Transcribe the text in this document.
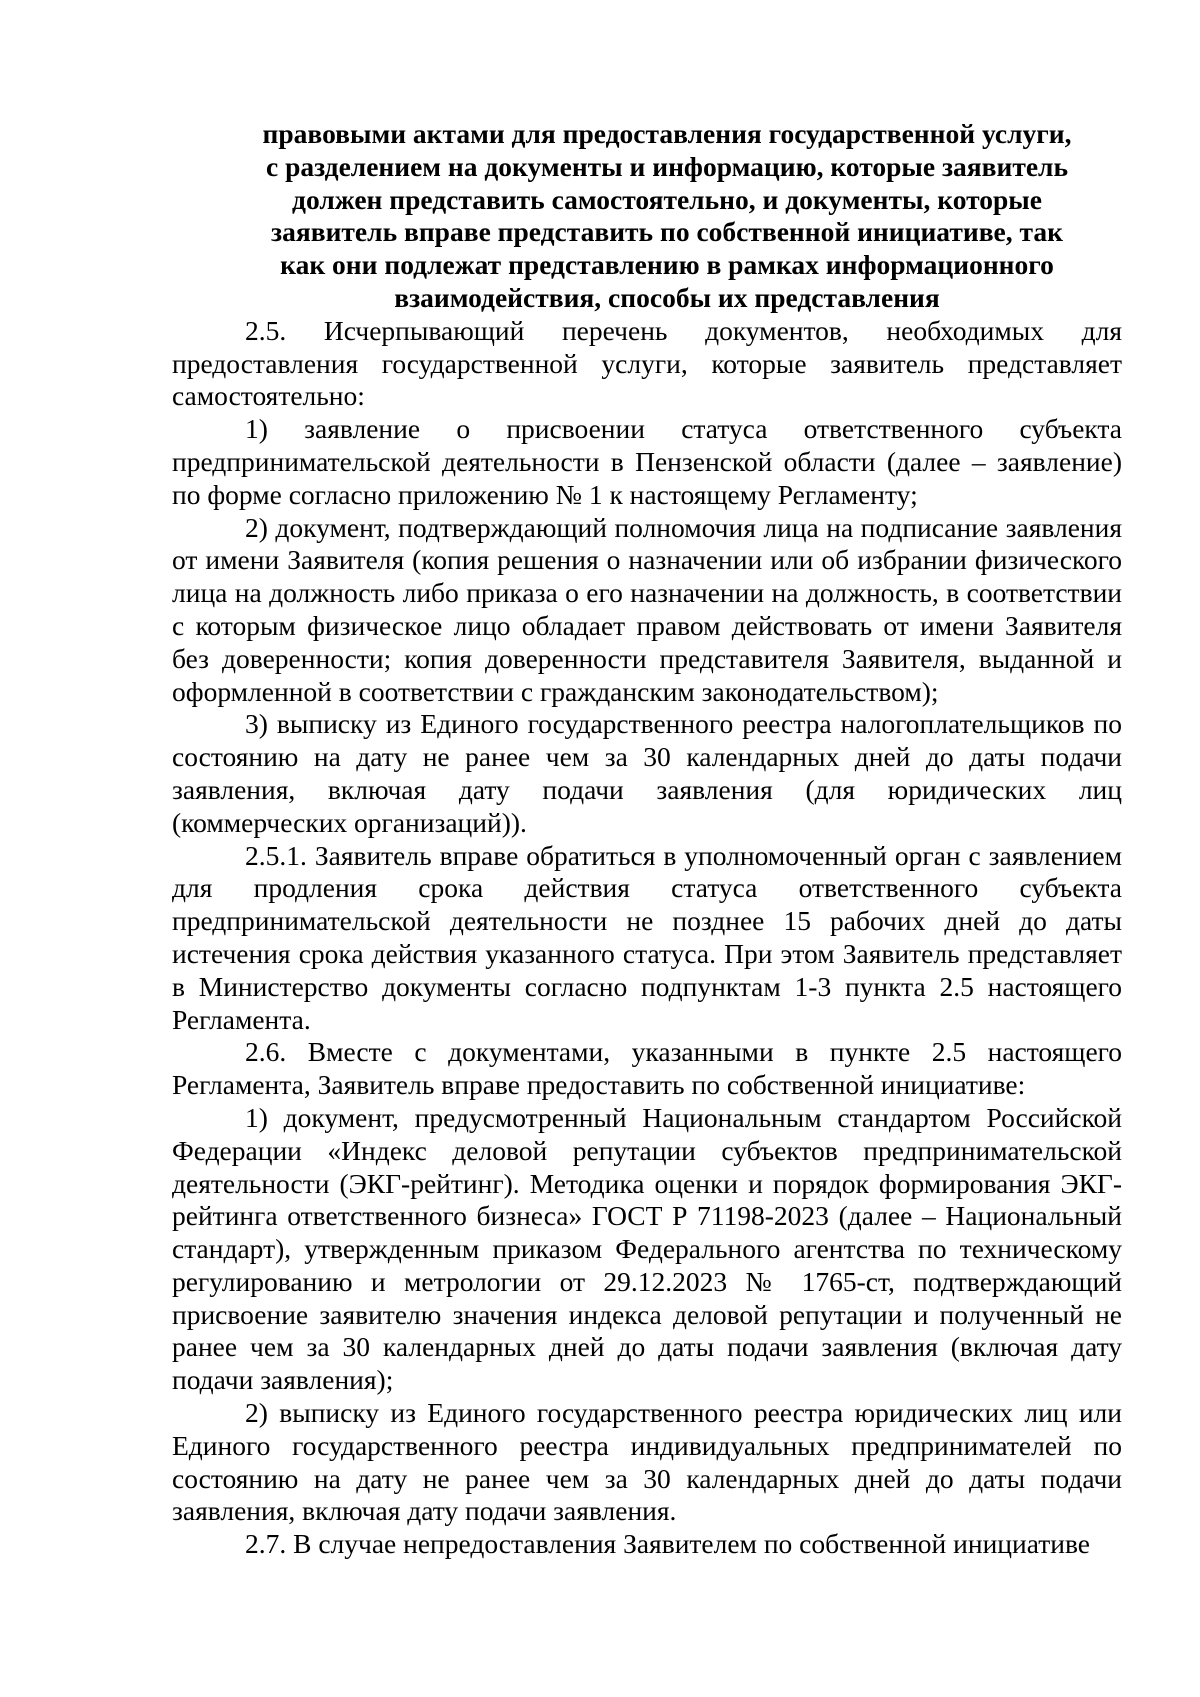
правовыми актами для предоставления государственной услуги,
с разделением на документы и информацию, которые заявитель
должен представить самостоятельно, и документы, которые
заявитель вправе представить по собственной инициативе, так
как они подлежат представлению в рамках информационного
взаимодействия, способы их представления

2.5. Исчерпывающий перечень документов, необходимых для предоставления государственной услуги, которые заявитель представляет самостоятельно:

1) заявление о присвоении статуса ответственного субъекта предпринимательской деятельности в Пензенской области (далее – заявление) по форме согласно приложению № 1 к настоящему Регламенту;

2) документ, подтверждающий полномочия лица на подписание заявления от имени Заявителя (копия решения о назначении или об избрании физического лица на должность либо приказа о его назначении на должность, в соответствии с которым физическое лицо обладает правом действовать от имени Заявителя без доверенности; копия доверенности представителя Заявителя, выданной и оформленной в соответствии с гражданским законодательством);

3) выписку из Единого государственного реестра налогоплательщиков по состоянию на дату не ранее чем за 30 календарных дней до даты подачи заявления, включая дату подачи заявления (для юридических лиц (коммерческих организаций)).

2.5.1. Заявитель вправе обратиться в уполномоченный орган с заявлением для продления срока действия статуса ответственного субъекта предпринимательской деятельности не позднее 15 рабочих дней до даты истечения срока действия указанного статуса. При этом Заявитель представляет в Министерство документы согласно подпунктам 1-3 пункта 2.5 настоящего Регламента.

2.6. Вместе с документами, указанными в пункте 2.5 настоящего Регламента, Заявитель вправе предоставить по собственной инициативе:

1) документ, предусмотренный Национальным стандартом Российской Федерации «Индекс деловой репутации субъектов предпринимательской деятельности (ЭКГ-рейтинг). Методика оценки и порядок формирования ЭКГ-рейтинга ответственного бизнеса» ГОСТ Р 71198-2023 (далее – Национальный стандарт), утвержденным приказом Федерального агентства по техническому регулированию и метрологии от 29.12.2023 № 1765-ст, подтверждающий присвоение заявителю значения индекса деловой репутации и полученный не ранее чем за 30 календарных дней до даты подачи заявления (включая дату подачи заявления);

2) выписку из Единого государственного реестра юридических лиц или Единого государственного реестра индивидуальных предпринимателей по состоянию на дату не ранее чем за 30 календарных дней до даты подачи заявления, включая дату подачи заявления.

2.7. В случае непредоставления Заявителем по собственной инициативе
